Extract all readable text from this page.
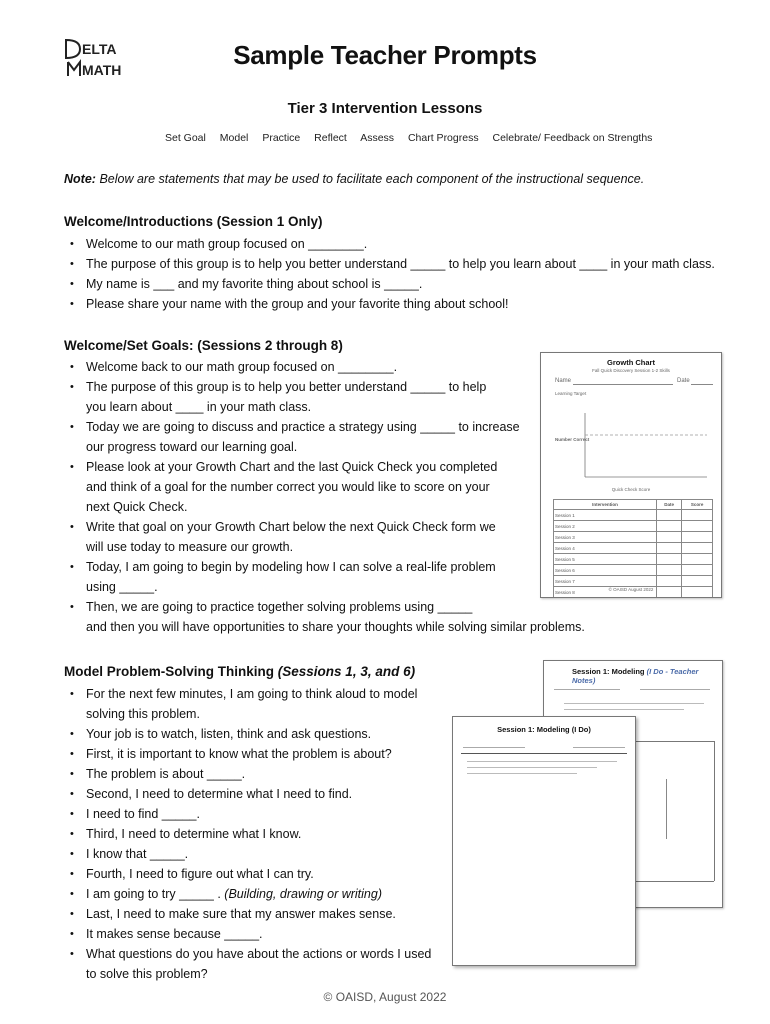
ELTA
MATH	Sample Teacher Prompts
Tier 3 Intervention Lessons
Set Goal Model Practice Reflect Assess Chart Progress Celebrate/ Feedback on Strengths
Note: Below are statements that may be used to facilitate each component of the instructional sequence.
Welcome/Introductions (Session 1 Only)
• Welcome to our math group focused on ________.
• The purpose of this group is to help you better understand _____ to help you learn about ____ in your math class.
• My name is ___ and my favorite thing about school is _____.
• Please share your name with the group and your favorite thing about school!
Welcome/Set Goals: (Sessions 2 through 8)
• Welcome back to our math group focused on ________.
• The purpose of this group is to help you better understand _____ to help
you learn about ____ in your math class.
• Today we are going to discuss and practice a strategy using _____ to increase
our progress toward our learning goal.
• Please look at your Growth Chart and the last Quick Check you completed
and think of a goal for the number correct you would like to score on your
next Quick Check.
• Write that goal on your Growth Chart below the next Quick Check form we
will use today to measure our growth.
• Today, I am going to begin by modeling how I can solve a real-life problem
using _____.
• Then, we are going to practice together solving problems using _____
and then you will have opportunities to share your thoughts while solving similar problems.
Growth Chart
Fall Quick Discovery Session 1-2 Skills
Name	Date
Learning Target
Number Correct
Quick Check Score
Intervention	Date	Score
Session 1		
Session 2		
Session 3		
Session 4		
Session 5		
Session 6		
Session 7		
Session 8			© OAISD August 2022
Model Problem-Solving Thinking (Sessions 1, 3, and 6)
• For the next few minutes, I am going to think aloud to model
solving this problem.
• Your job is to watch, listen, think and ask questions.
• First, it is important to know what the problem is about?
• The problem is about _____.
• Second, I need to determine what I need to find.
• I need to find _____.
• Third, I need to determine what I know.
• I know that _____.
• Fourth, I need to figure out what I can try.
• I am going to try _____ . (Building, drawing or writing)
• Last, I need to make sure that my answer makes sense.
• It makes sense because _____.
• What questions do you have about the actions or words I used
to solve this problem?
Session 1: Modeling (I Do - Teacher Notes)
Session 1: Modeling (I Do)
© OAISD, August 2022
